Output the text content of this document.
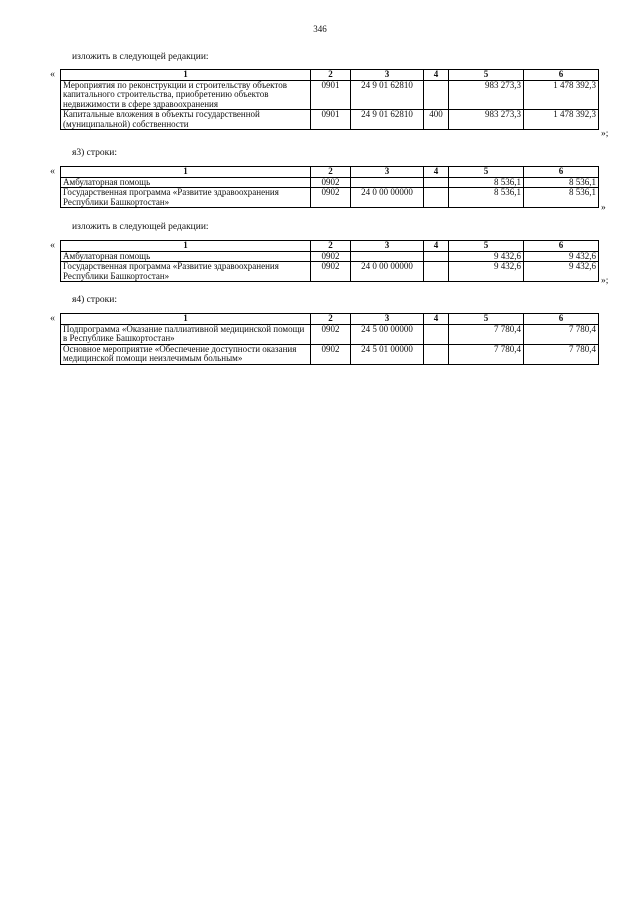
346
изложить в следующей редакции:
«	1	2	3	4	5	6
Мероприятия по реконструкции и строительству объектов капитального строительства, приобретению объектов недвижимости в сфере здравоохранения	0901	24 9 01 62810		983 273,3	1 478 392,3
Капитальные вложения в объекты государственной (муниципальной) собственности	0901	24 9 01 62810	400	983 273,3	1 478 392,3
»;
я3) строки:
1	2	3	4	5	6
Амбулаторная помощь	0902			8 536,1	8 536,1
Государственная программа «Развитие здравоохранения Республики Башкортостан»	0902	24 0 00 00000		8 536,1	8 536,1
«
»
изложить в следующей редакции:
1	2	3	4	5	6
Амбулаторная помощь	0902			9 432,6	9 432,6
Государственная программа «Развитие здравоохранения Республики Башкортостан»	0902	24 0 00 00000		9 432,6	9 432,6
«
»;
я4) строки:
1	2	3	4	5	6
Подпрограмма «Оказание паллиативной медицинской помощи в Республике Башкортостан»	0902	24 5 00 00000		7 780,4	7 780,4
Основное мероприятие «Обеспечение доступности оказания медицинской помощи неизлечимым больным»	0902	24 5 01 00000		7 780,4	7 780,4
«
